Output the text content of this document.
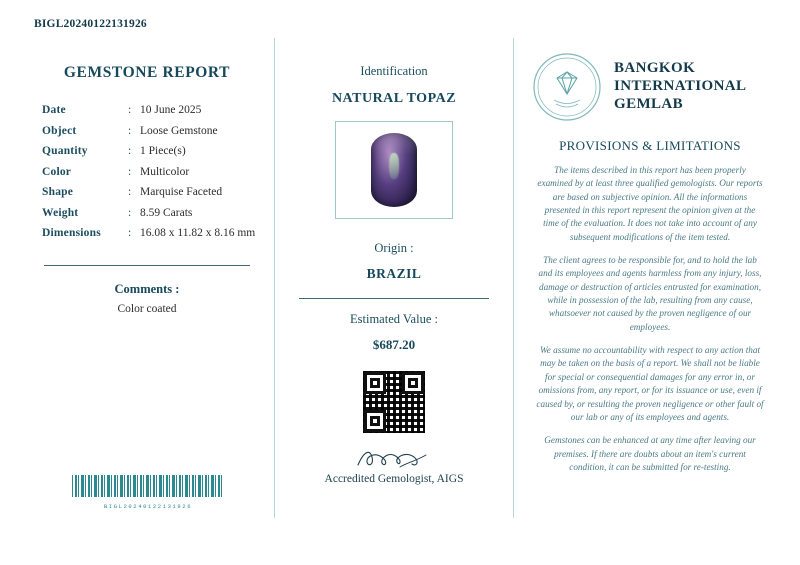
BIGL20240122131926
GEMSTONE REPORT
Date	: 10 June 2025
Object	: Loose Gemstone
Quantity	: 1 Piece(s)
Color	: Multicolor
Shape	: Marquise Faceted
Weight	: 8.59 Carats
Dimensions	: 16.08 x 11.82 x 8.16 mm
Comments :
Color coated
BIGL20240122131926
Identification
NATURAL TOPAZ
Origin :
BRAZIL
Estimated Value :
$687.20
Accredited Gemologist, AIGS
BANGKOK
INTERNATIONAL
GEMLAB
PROVISIONS & LIMITATIONS
The items described in this report has been properly examined by at least three qualified gemologists. Our reports are based on subjective opinion. All the informations presented in this report represent the opinion given at the time of the evaluation. It does not take into account of any subsequent modifications of the item tested.
The client agrees to be responsible for, and to hold the lab and its employees and agents harmless from any injury, loss, damage or destruction of articles entrusted for examination, while in possession of the lab, resulting from any cause, whatsoever not caused by the proven negligence of our employees.
We assume no accountability with respect to any action that may be taken on the basis of a report. We shall not be liable for special or consequential damages for any error in, or omissions from, any report, or for its issuance or use, even if caused by, or resulting the proven negligence or other fault of our lab or any of its employees and agents.
Gemstones can be enhanced at any time after leaving our premises. If there are doubts about an item's current condition, it can be submitted for re-testing.
